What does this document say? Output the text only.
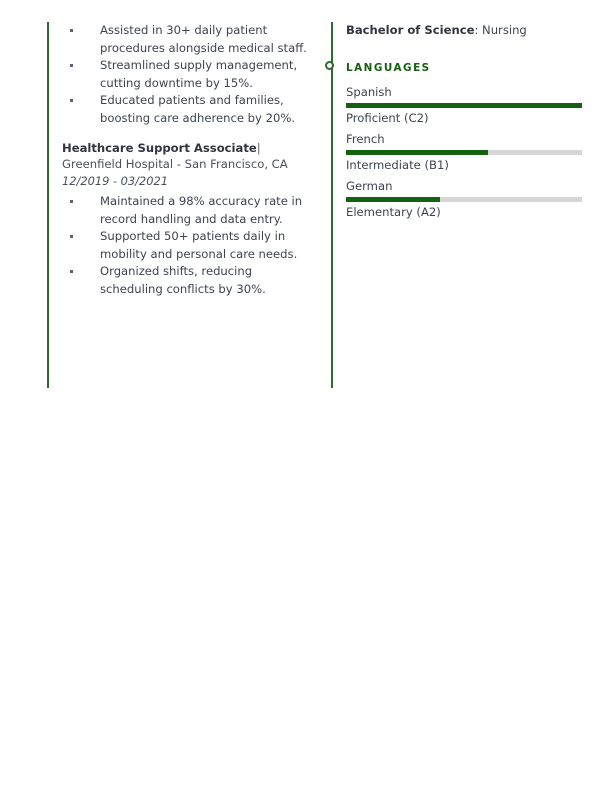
Assisted in 30+ daily patient procedures alongside medical staff.
Streamlined supply management, cutting downtime by 15%.
Educated patients and families, boosting care adherence by 20%.
Healthcare Support Associate|
Greenfield Hospital - San Francisco, CA
12/2019 - 03/2021
Maintained a 98% accuracy rate in record handling and data entry.
Supported 50+ patients daily in mobility and personal care needs.
Organized shifts, reducing scheduling conflicts by 30%.
Bachelor of Science: Nursing
LANGUAGES
Spanish
Proficient (C2)
French
Intermediate (B1)
German
Elementary (A2)
